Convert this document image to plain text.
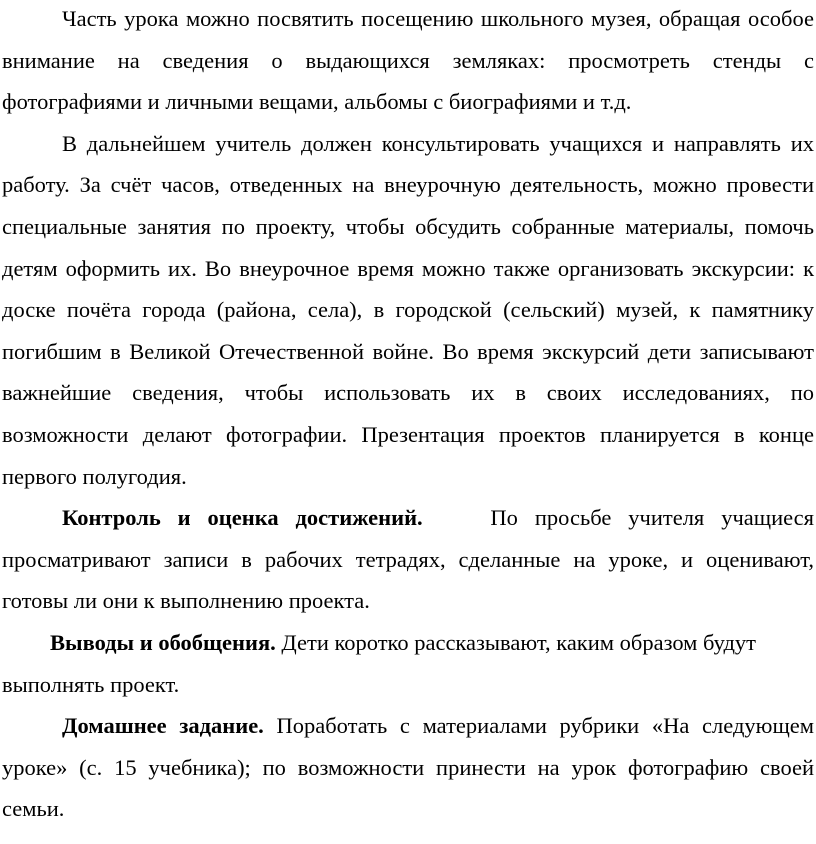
Часть урока можно посвятить посещению школьного музея, обращая особое внимание на сведения о выдающихся земляках: просмотреть стенды с фотографиями и личными вещами, альбомы с биографиями и т.д.

В дальнейшем учитель должен консультировать учащихся и направлять их работу. За счёт часов, отведенных на внеурочную деятельность, можно провести специальные занятия по проекту, чтобы обсудить собранные материалы, помочь детям оформить их. Во внеурочное время можно также организовать экскурсии: к доске почёта города (района, села), в городской (сельский) музей, к памятнику погибшим в Великой Отечественной войне. Во время экскурсий дети записывают важнейшие сведения, чтобы использовать их в своих исследованиях, по возможности делают фотографии. Презентация проектов планируется в конце первого полугодия.

Контроль и оценка достижений.	По просьбе учителя учащиеся просматривают записи в рабочих тетрадях, сделанные на уроке, и оценивают, готовы ли они к выполнению проекта.

Выводы и обобщения. Дети коротко рассказывают, каким образом будут выполнять проект.

Домашнее задание. Поработать с материалами рубрики «На следующем уроке» (с. 15 учебника); по возможности принести на урок фотографию своей семьи.
